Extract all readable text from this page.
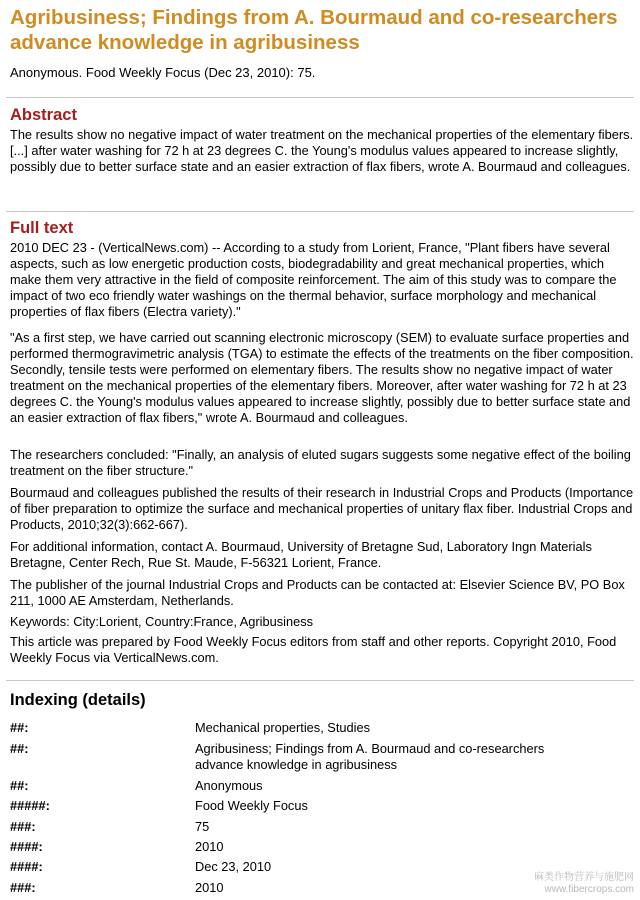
Agribusiness; Findings from A. Bourmaud and co-researchers advance knowledge in agribusiness
Anonymous. Food Weekly Focus (Dec 23, 2010): 75.
Abstract

The results show no negative impact of water treatment on the mechanical properties of the elementary fibers. [...] after water washing for 72 h at 23 degrees C. the Young's modulus values appeared to increase slightly, possibly due to better surface state and an easier extraction of flax fibers, wrote A. Bourmaud and colleagues.

Full text

2010 DEC 23 - (VerticalNews.com) -- According to a study from Lorient, France, "Plant fibers have several aspects, such as low energetic production costs, biodegradability and great mechanical properties, which make them very attractive in the field of composite reinforcement. The aim of this study was to compare the impact of two eco friendly water washings on the thermal behavior, surface morphology and mechanical properties of flax fibers (Electra variety)."

"As a first step, we have carried out scanning electronic microscopy (SEM) to evaluate surface properties and performed thermogravimetric analysis (TGA) to estimate the effects of the treatments on the fiber composition. Secondly, tensile tests were performed on elementary fibers. The results show no negative impact of water treatment on the mechanical properties of the elementary fibers. Moreover, after water washing for 72 h at 23 degrees C. the Young's modulus values appeared to increase slightly, possibly due to better surface state and an easier extraction of flax fibers," wrote A. Bourmaud and colleagues.

The researchers concluded: "Finally, an analysis of eluted sugars suggests some negative effect of the boiling treatment on the fiber structure."

Bourmaud and colleagues published the results of their research in Industrial Crops and Products (Importance of fiber preparation to optimize the surface and mechanical properties of unitary flax fiber. Industrial Crops and Products, 2010;32(3):662-667).

For additional information, contact A. Bourmaud, University of Bretagne Sud, Laboratory Ingn Materials Bretagne, Center Rech, Rue St. Maude, F-56321 Lorient, France.

The publisher of the journal Industrial Crops and Products can be contacted at: Elsevier Science BV, PO Box 211, 1000 AE Amsterdam, Netherlands.

Keywords: City:Lorient, Country:France, Agribusiness

This article was prepared by Food Weekly Focus editors from staff and other reports. Copyright 2010, Food Weekly Focus via VerticalNews.com.

Indexing (details)
##:	Mechanical properties, Studies
##:	Agribusiness; Findings from A. Bourmaud and co-researchers advance knowledge in agribusiness
##:	Anonymous
#####:	Food Weekly Focus
###:	75
####:	2010
####:	Dec 23, 2010
###:	2010
麻类作物营养与施肥网
www.fibercrops.com
